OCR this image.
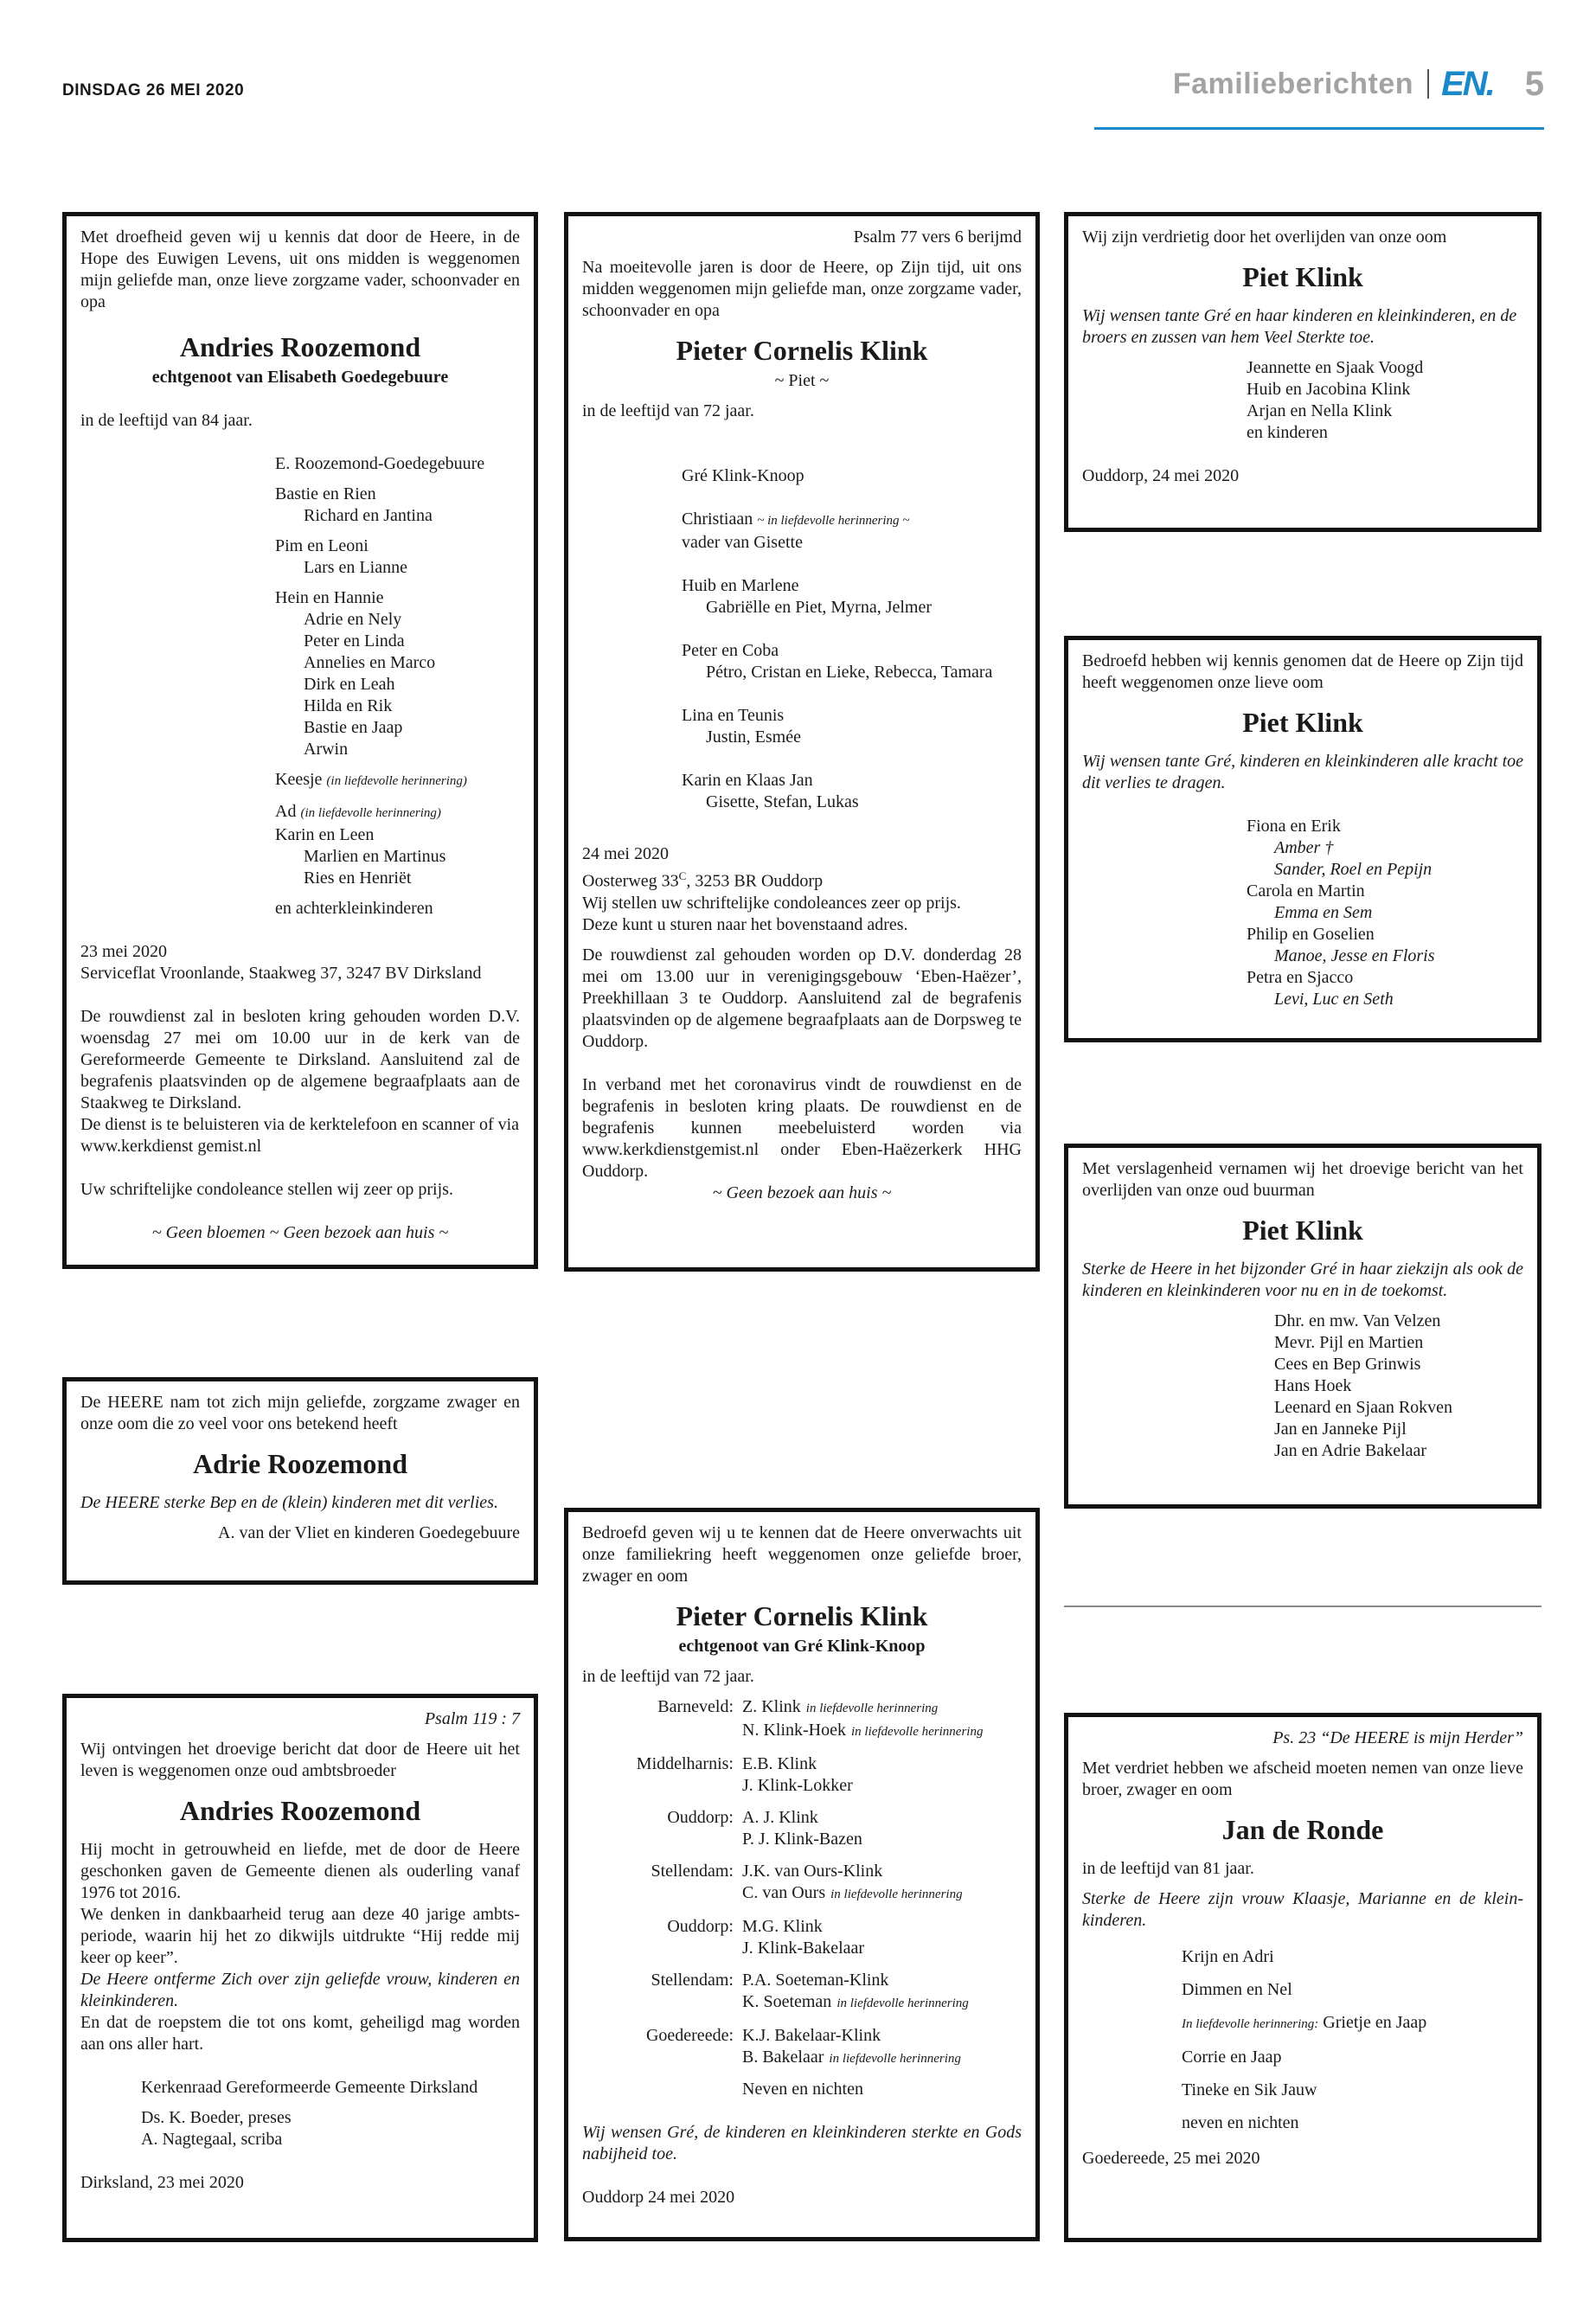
DINSDAG 26 MEI 2020	Familieberichten EN. 5

Met droefheid geven wij u kennis dat door de Heere, in de Hope des Euwigen Levens, uit ons midden is weggenomen mijn geliefde man, onze lieve zorgzame vader, schoonvader en opa

Andries Roozemond

echtgenoot van Elisabeth Goedegebuure

in de leeftijd van 84 jaar.

E. Roozemond-Goedegebuure

Bastie en Rien

Richard en Jantina

Pim en Leoni

Lars en Lianne

Hein en Hannie

Adrie en Nely

Peter en Linda

Annelies en Marco

Dirk en Leah

Hilda en Rik

Bastie en Jaap

Arwin

Keesje (in liefdevolle herinnering)

Ad (in liefdevolle herinnering)

Karin en Leen

Marlien en Martinus

Ries en Henriët

en achterkleinkinderen

23 mei 2020

Serviceflat Vroonlande, Staakweg 37, 3247 BV Dirksland

De rouwdienst zal in besloten kring gehouden worden D.V. woensdag 27 mei om 10.00 uur in de kerk van de Gereformeerde Gemeente te Dirksland. Aansluitend zal de begrafenis plaatsvinden op de algemene begraafplaats aan de Staakweg te Dirksland.

De dienst is te beluisteren via de kerktelefoon en scanner of via www.kerkdienst gemist.nl

Uw schriftelijke condoleance stellen wij zeer op prijs.

~ Geen bloemen ~ Geen bezoek aan huis ~

De HEERE nam tot zich mijn geliefde, zorgzame zwager en onze oom die zo veel voor ons betekend heeft

Adrie Roozemond

De HEERE sterke Bep en de (klein) kinderen met dit verlies.

A. van der Vliet en kinderen Goedegebuure

Psalm 119 : 7

Wij ontvingen het droevige bericht dat door de Heere uit het leven is weggenomen onze oud ambtsbroeder

Andries Roozemond

Hij mocht in getrouwheid en liefde, met de door de Heere geschonken gaven de Gemeente dienen als ouderling vanaf 1976 tot 2016.

We denken in dankbaarheid terug aan deze 40 jarige ambts-periode, waarin hij het zo dikwijls uitdrukte “Hij redde mij keer op keer”.

De Heere ontferme Zich over zijn geliefde vrouw, kinderen en kleinkinderen.

En dat de roepstem die tot ons komt, geheiligd mag worden aan ons aller hart.

Kerkenraad Gereformeerde Gemeente Dirksland

Ds. K. Boeder, preses

A. Nagtegaal, scriba

Dirksland, 23 mei 2020

Psalm 77 vers 6 berijmd

Na moeitevolle jaren is door de Heere, op Zijn tijd, uit ons midden weggenomen mijn geliefde man, onze zorgzame vader, schoonvader en opa

Pieter Cornelis Klink

~ Piet ~

in de leeftijd van 72 jaar.

Gré Klink-Knoop

Christiaan ~ in liefdevolle herinnering ~

vader van Gisette

Huib en Marlene

Gabriëlle en Piet, Myrna, Jelmer

Peter en Coba

Pétro, Cristan en Lieke, Rebecca, Tamara

Lina en Teunis

Justin, Esmée

Karin en Klaas Jan

Gisette, Stefan, Lukas

24 mei 2020

Oosterweg $33^C$, 3253 BR Ouddorp

Wij stellen uw schriftelijke condoleances zeer op prijs.

Deze kunt u sturen naar het bovenstaand adres.

De rouwdienst zal gehouden worden op D.V. donderdag 28 mei om 13.00 uur in verenigingsgebouw ‘Eben-Haëzer’, Preekhillaan 3 te Ouddorp. Aansluitend zal de begrafenis plaatsvinden op de algemene begraafplaats aan de Dorpsweg te Ouddorp.

In verband met het coronavirus vindt de rouwdienst en de begrafenis in besloten kring plaats. De rouwdienst en de begrafenis kunnen meebeluisterd worden via www.kerkdienstgemist.nl onder Eben-Haëzerkerk HHG Ouddorp.

~ Geen bezoek aan huis ~

Bedroefd geven wij u te kennen dat de Heere onverwachts uit onze familiekring heeft weggenomen onze geliefde broer, zwager en oom

Pieter Cornelis Klink

echtgenoot van Gré Klink-Knoop

in de leeftijd van 72 jaar.

Barneveld: Z. Klink in liefdevolle herinnering

N. Klink-Hoek in liefdevolle herinnering

Middelharnis: E.B. Klink

J. Klink-Lokker

Ouddorp: A. J. Klink

P. J. Klink-Bazen

Stellendam: J.K. van Ours-Klink

C. van Ours in liefdevolle herinnering

Ouddorp: M.G. Klink

J. Klink-Bakelaar

Stellendam: P.A. Soeteman-Klink

K. Soeteman in liefdevolle herinnering

Goedereede: K.J. Bakelaar-Klink

B. Bakelaar in liefdevolle herinnering

Neven en nichten

Wij wensen Gré, de kinderen en kleinkinderen sterkte en Gods nabijheid toe.

Ouddorp 24 mei 2020

Wij zijn verdrietig door het overlijden van onze oom

Piet Klink

Wij wensen tante Gré en haar kinderen en kleinkinderen, en de broers en zussen van hem Veel Sterkte toe.

Jeannette en Sjaak Voogd

Huib en Jacobina Klink

Arjan en Nella Klink

en kinderen

Ouddorp, 24 mei 2020

Bedroefd hebben wij kennis genomen dat de Heere op Zijn tijd heeft weggenomen onze lieve oom

Piet Klink

Wij wensen tante Gré, kinderen en kleinkinderen alle kracht toe dit verlies te dragen.

Fiona en Erik

Amber †

Sander, Roel en Pepijn

Carola en Martin

Emma en Sem

Philip en Goselien

Manoe, Jesse en Floris

Petra en Sjacco

Levi, Luc en Seth

Met verslagenheid vernamen wij het droevige bericht van het overlijden van onze oud buurman

Piet Klink

Sterke de Heere in het bijzonder Gré in haar ziekzijn als ook de kinderen en kleinkinderen voor nu en in de toekomst.

Dhr. en mw. Van Velzen

Mevr. Pijl en Martien

Cees en Bep Grinwis

Hans Hoek

Leenard en Sjaan Rokven

Jan en Janneke Pijl

Jan en Adrie Bakelaar

Ps. 23 “De HEERE is mijn Herder”

Met verdriet hebben we afscheid moeten nemen van onze lieve broer, zwager en oom

Jan de Ronde

in de leeftijd van 81 jaar.

Sterke de Heere zijn vrouw Klaasje, Marianne en de klein-kinderen.

Krijn en Adri

Dimmen en Nel

In liefdevolle herinnering: Grietje en Jaap

Corrie en Jaap

Tineke en Sik Jauw

neven en nichten

Goedereede, 25 mei 2020
